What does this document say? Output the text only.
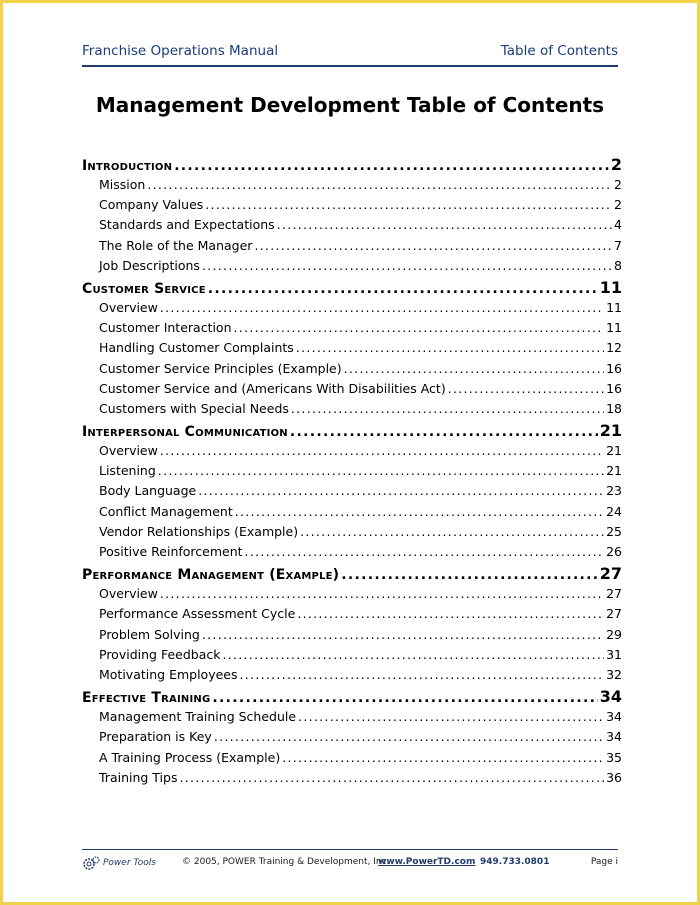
Franchise Operations Manual	Table of Contents
Management Development Table of Contents
Introduction .....	2
Mission .....	2
Company Values .....	2
Standards and Expectations .....	4
The Role of the Manager .....	7
Job Descriptions .....	8
Customer Service .....	11
Overview .....	11
Customer Interaction .....	11
Handling Customer Complaints .....	12
Customer Service Principles (Example) .....	16
Customer Service and (Americans With Disabilities Act) .....	16
Customers with Special Needs .....	18
Interpersonal Communication .....	21
Overview .....	21
Listening .....	21
Body Language .....	23
Conflict Management .....	24
Vendor Relationships (Example) .....	25
Positive Reinforcement .....	26
Performance Management (Example) .....	27
Overview .....	27
Performance Assessment Cycle .....	27
Problem Solving .....	29
Providing Feedback .....	31
Motivating Employees .....	32
Effective Training .....	34
Management Training Schedule .....	34
Preparation is Key .....	34
A Training Process (Example) .....	35
Training Tips .....	36
Power Tools	© 2005, POWER Training & Development, Inc.
www.PowerTD.com 949.733.0801	Page i
